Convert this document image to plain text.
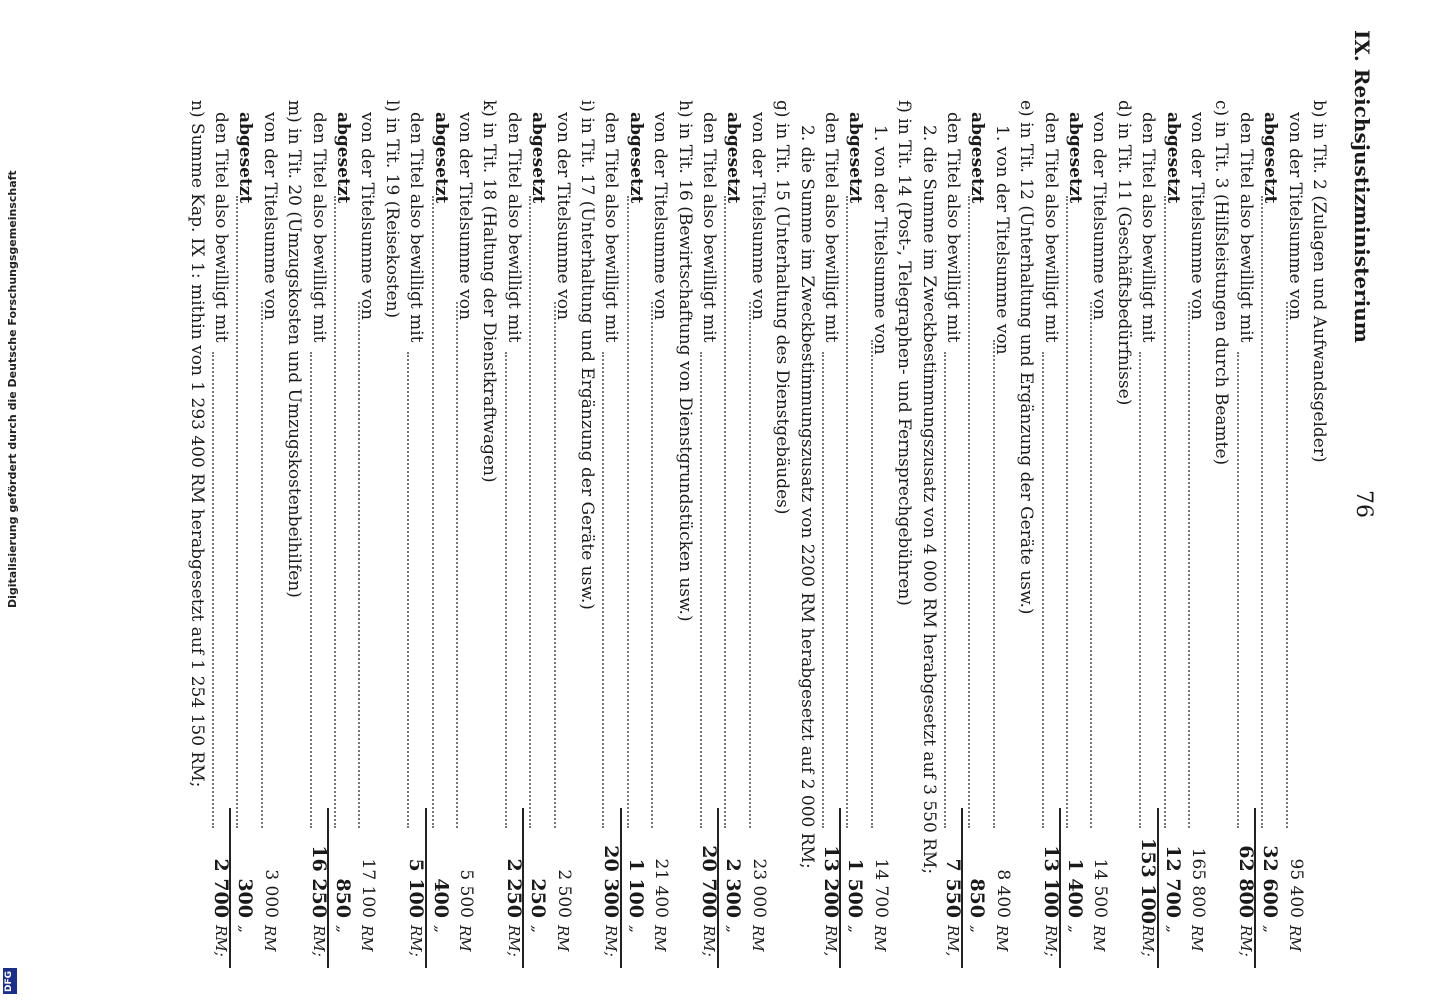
IX. Reichsjustizministerium
76
b) in Tit. 2 (Zulagen und Aufwandsgelder)
von der Titelsumme von
95 400
RM
abgesetzt
32 600
„
den Titel also bewilligt mit
62 800
RM;
c) in Tit. 3 (Hilfsleistungen durch Beamte)
von der Titelsumme von
165 800
RM
abgesetzt
12 700
„
den Titel also bewilligt mit
153 100
RM;
d) in Tit. 11 (Geschäftsbedürfnisse)
von der Titelsumme von
14 500
RM
abgesetzt
1 400
„
den Titel also bewilligt mit
13 100
RM;
e) in Tit. 12 (Unterhaltung und Ergänzung der Geräte usw.)
1. von der Titelsumme von
8 400
RM
abgesetzt
850
„
den Titel also bewilligt mit
7 550
RM,
2. die Summe im Zweckbestimmungszusatz von 4 000 RM herabgesetzt auf 3 550 RM;
f) in Tit. 14 (Post-, Telegraphen- und Fernsprechgebühren)
1. von der Titelsumme von
14 700
RM
abgesetzt
1 500
„
den Titel also bewilligt mit
13 200
RM,
2. die Summe im Zweckbestimmungszusatz von 2200 RM herabgesetzt auf 2 000 RM;
g) in Tit. 15 (Unterhaltung des Dienstgebäudes)
von der Titelsumme von
23 000
RM
abgesetzt
2 300
„
den Titel also bewilligt mit
20 700
RM;
h) in Tit. 16 (Bewirtschaftung von Dienstgrundstücken usw.)
von der Titelsumme von
21 400
RM
abgesetzt
1 100
„
den Titel also bewilligt mit
20 300
RM;
i) in Tit. 17 (Unterhaltung und Ergänzung der Geräte usw.)
von der Titelsumme von
2 500
RM
abgesetzt
250
„
den Titel also bewilligt mit
2 250
RM;
k) in Tit. 18 (Haltung der Dienstkraftwagen)
von der Titelsumme von
5 500
RM
abgesetzt
400
„
den Titel also bewilligt mit
5 100
RM;
l) in Tit. 19 (Reisekosten)
von der Titelsumme von
17 100
RM
abgesetzt
850
„
den Titel also bewilligt mit
16 250
RM;
m) in Tit. 20 (Umzugskosten und Umzugskostenbeihilfen)
von der Titelsumme von
3 000
RM
abgesetzt
300
„
den Titel also bewilligt mit
2 700
RM;
n) Summe Kap. IX 1: mithin von 1 293 400 RM herabgesetzt auf 1 254 150 RM;
Digitalisierung gefördert durch die Deutsche Forschungsgemeinschaft
DFG
